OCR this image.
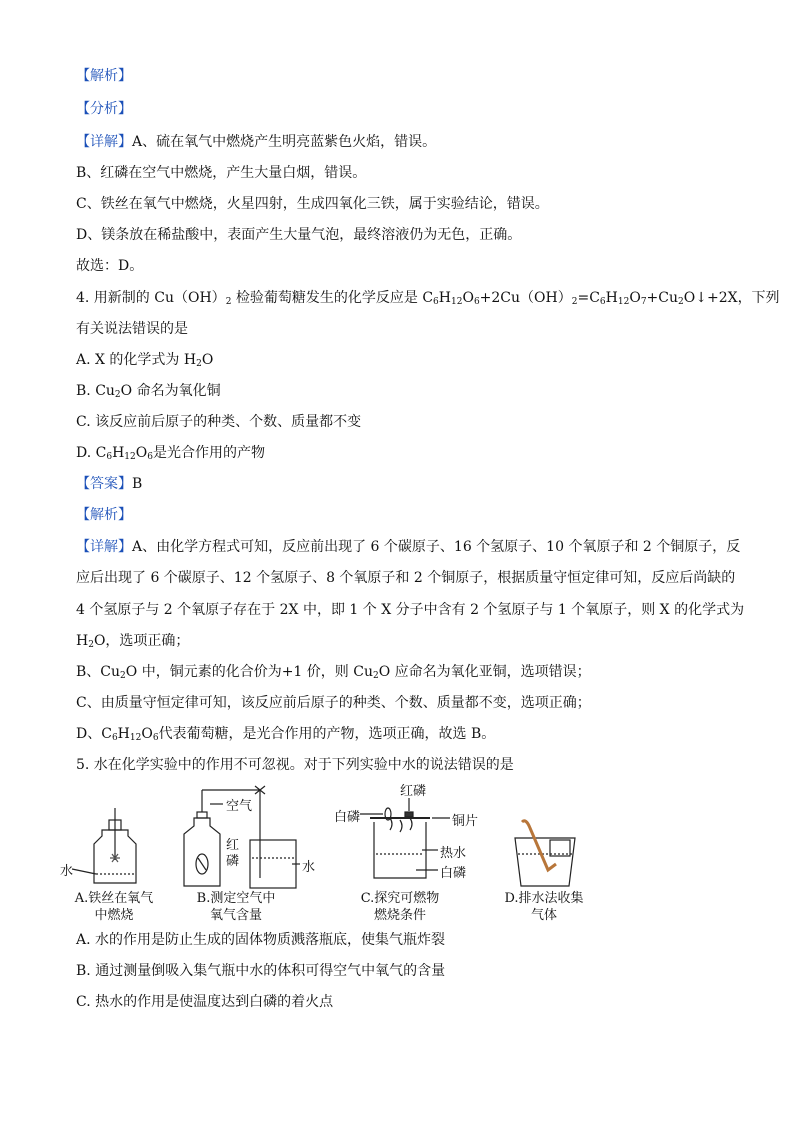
【解析】
【分析】
【详解】A、硫在氧气中燃烧产生明亮蓝紫色火焰，错误。
B、红磷在空气中燃烧，产生大量白烟，错误。
C、铁丝在氧气中燃烧，火星四射，生成四氧化三铁，属于实验结论，错误。
D、镁条放在稀盐酸中，表面产生大量气泡，最终溶液仍为无色，正确。
故选：D。
4. 用新制的 $Cu(OH)_2$ 检验葡萄糖发生的化学反应是 $C_6H_{12}O_6+2Cu(OH)_2=C_6H_{12}O_7+Cu_2O↓+2X$，下列
有关说法错误的是
A. X 的化学式为 $H_2O$
B. $Cu_2O$ 命名为氧化铜
C. 该反应前后原子的种类、个数、质量都不变
D. $C_6H_{12}O_6$是光合作用的产物
【答案】B
【解析】
【详解】A、由化学方程式可知，反应前出现了 6 个碳原子、16 个氢原子、10 个氧原子和 2 个铜原子，反
应后出现了 6 个碳原子、12 个氢原子、8 个氧原子和 2 个铜原子，根据质量守恒定律可知，反应后尚缺的
4 个氢原子与 2 个氧原子存在于 2X 中，即 1 个 X 分子中含有 2 个氢原子与 1 个氧原子，则 X 的化学式为
$H_2O$，选项正确；
B、$Cu_2O$ 中，铜元素的化合价为+1 价，则 $Cu_2O$ 应命名为氧化亚铜，选项错误；
C、由质量守恒定律可知，该反应前后原子的种类、个数、质量都不变，选项正确；
D、$C_6H_{12}O_6$代表葡萄糖，是光合作用的产物，选项正确，故选 B。
5. 水在化学实验中的作用不可忽视。对于下列实验中水的说法错误的是
水
A.铁丝在氧气
中燃烧
空气
红
磷	水
B.测定空气中
氧气含量
红磷
白磷	铜片
热水
白磷
C.探究可燃物
燃烧条件
D.排水法收集
气体
A. 水的作用是防止生成的固体物质溅落瓶底，使集气瓶炸裂
B. 通过测量倒吸入集气瓶中水的体积可得空气中氧气的含量
C. 热水的作用是使温度达到白磷的着火点
